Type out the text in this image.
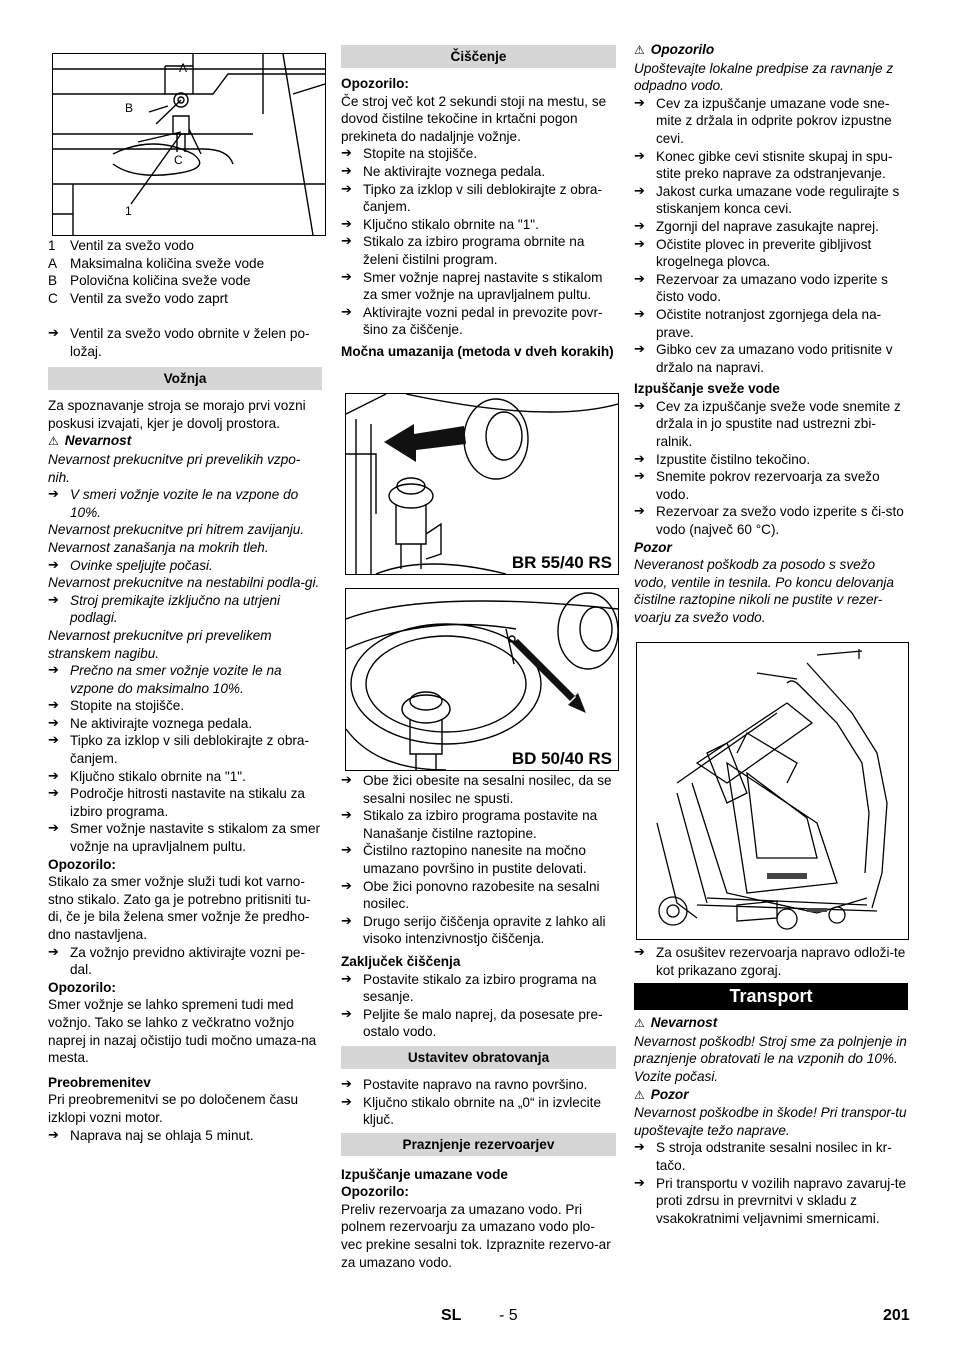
A
B
C
1
1	Ventil za svežo vodo
A Maksimalna količina sveže vode
B Polovična količina sveže vode
C Ventil za svežo vodo zaprt

➔ Ventil za svežo vodo obrnite v želen po-ložaj.

Vožnja

Za spoznavanje stroja se morajo prvi vozni poskusi izvajati, kjer je dovolj prostora.

⚠ Nevarnost

Nevarnost prekucnitve pri prevelikih vzpo-nih.

➔ V smeri vožnje vozite le na vzpone do 10%.

Nevarnost prekucnitve pri hitrem zavijanju. Nevarnost zanašanja na mokrih tleh.

➔ Ovinke speljujte počasi.

Nevarnost prekucnitve na nestabilni podla-gi.

➔ Stroj premikajte izključno na utrjeni podlagi.

Nevarnost prekucnitve pri prevelikem stranskem nagibu.

➔ Prečno na smer vožnje vozite le na vzpone do maksimalno 10%.

➔ Stopite na stojišče.

➔ Ne aktivirajte voznega pedala.

➔ Tipko za izklop v sili deblokirajte z obra-čanjem.

➔ Ključno stikalo obrnite na "1".

➔ Področje hitrosti nastavite na stikalu za izbiro programa.

➔ Smer vožnje nastavite s stikalom za smer vožnje na upravljalnem pultu.

Opozorilo:

Stikalo za smer vožnje služi tudi kot varno-stno stikalo. Zato ga je potrebno pritisniti tu-di, če je bila želena smer vožnje že predho-dno nastavljena.

➔ Za vožnjo previdno aktivirajte vozni pe-dal.

Opozorilo:

Smer vožnje se lahko spremeni tudi med vožnjo. Tako se lahko z večkratno vožnjo naprej in nazaj očistijo tudi močno umaza-na mesta.

Preobremenitev

Pri preobremenitvi se po določenem času izklopi vozni motor.

➔ Naprava naj se ohlaja 5 minut.

Čiščenje

Opozorilo:

Če stroj več kot 2 sekundi stoji na mestu, se dovod čistilne tekočine in krtačni pogon prekineta do nadaljnje vožnje.

➔ Stopite na stojišče.

➔ Ne aktivirajte voznega pedala.

➔ Tipko za izklop v sili deblokirajte z obra-čanjem.

➔ Ključno stikalo obrnite na "1".

➔ Stikalo za izbiro programa obrnite na želeni čistilni program.

➔ Smer vožnje naprej nastavite s stikalom za smer vožnje na upravljalnem pultu.

➔ Aktivirajte vozni pedal in prevozite povr-šino za čiščenje.

Močna umazanija (metoda v dveh korakih)

BR 55/40 RS
BD 50/40 RS

➔ Obe žici obesite na sesalni nosilec, da se sesalni nosilec ne spusti.

➔ Stikalo za izbiro programa postavite na Nanašanje čistilne raztopine.

➔ Čistilno raztopino nanesite na močno umazano površino in pustite delovati.

➔ Obe žici ponovno razobesite na sesalni nosilec.

➔ Drugo serijo čiščenja opravite z lahko ali visoko intenzivnostjo čiščenja.

Zaključek čiščenja

➔ Postavite stikalo za izbiro programa na sesanje.

➔ Peljite še malo naprej, da posesate pre-ostalo vodo.

Ustavitev obratovanja

➔ Postavite napravo na ravno površino.

➔ Ključno stikalo obrnite na „0“ in izvlecite ključ.

Praznjenje rezervoarjev

Izpuščanje umazane vode

Opozorilo:

Preliv rezervoarja za umazano vodo. Pri polnem rezervoarju za umazano vodo plo-vec prekine sesalni tok. Izpraznite rezervo-ar za umazano vodo.

⚠ Opozorilo

Upoštevajte lokalne predpise za ravnanje z odpadno vodo.

➔ Cev za izpuščanje umazane vode sne-mite z držala in odprite pokrov izpustne cevi.

➔ Konec gibke cevi stisnite skupaj in spu-stite preko naprave za odstranjevanje.

➔ Jakost curka umazane vode regulirajte s stiskanjem konca cevi.

➔ Zgornji del naprave zasukajte naprej.

➔ Očistite plovec in preverite gibljivost krogelnega plovca.

➔ Rezervoar za umazano vodo izperite s čisto vodo.

➔ Očistite notranjost zgornjega dela na-prave.

➔ Gibko cev za umazano vodo pritisnite v držalo na napravi.

Izpuščanje sveže vode

➔ Cev za izpuščanje sveže vode snemite z držala in jo spustite nad ustrezni zbi-ralnik.

➔ Izpustite čistilno tekočino.

➔ Snemite pokrov rezervoarja za svežo vodo.

➔ Rezervoar za svežo vodo izperite s či-sto vodo (največ 60 °C).

Pozor

Neveranost poškodb za posodo s svežo vodo, ventile in tesnila. Po koncu delovanja čistilne raztopine nikoli ne pustite v rezer-voarju za svežo vodo.

➔ Za osušitev rezervoarja napravo odloži-te kot prikazano zgoraj.

Transport

⚠ Nevarnost

Nevarnost poškodb! Stroj sme za polnjenje in praznjenje obratovati le na vzponih do 10%. Vozite počasi.

⚠ Pozor

Nevarnost poškodbe in škode! Pri transpor-tu upoštevajte težo naprave.

➔ S stroja odstranite sesalni nosilec in kr-tačo.

➔ Pri transportu v vozilih napravo zavaruj-te proti zdrsu in prevrnitvi v skladu z vsakokratnimi veljavnimi smernicami.

SL - 5	201
